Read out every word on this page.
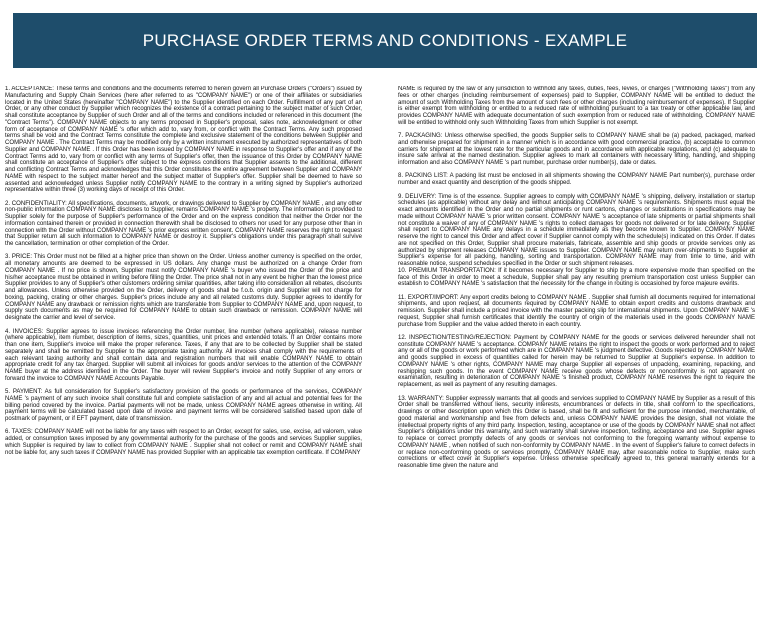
PURCHASE ORDER TERMS AND CONDITIONS - EXAMPLE

1. ACCEPTANCE: These terms and conditions and the documents referred to herein govern all Purchase Orders ("Orders") issued by Manufacturing and Supply Chain Services (here after referred to as "COMPANY NAME") or one of their affiliates or subsidiaries located in the United States (hereinafter "COMPANY NAME") to the Supplier identified on each Order. Fulfillment of any part of an Order, or any other conduct by Supplier which recognizes the existence of a contract pertaining to the subject matter of such Order, shall constitute acceptance by Supplier of such Order and all of the terms and conditions included or referenced in this document (the "Contract Terms"). COMPANY NAME objects to any terms proposed in Supplier's proposal, sales note, acknowledgment or other form of acceptance of COMPANY NAME 's offer which add to, vary from, or conflict with the Contract Terms. Any such proposed terms shall be void and the Contract Terms constitute the complete and exclusive statement of the conditions between Supplier and COMPANY NAME . The Contract Terms may be modified only by a written instrument executed by authorized representatives of both Supplier and COMPANY NAME . If this Order has been issued by COMPANY NAME in response to Supplier's offer and if any of the Contract Terms add to, vary from or conflict with any terms of Supplier's offer, then the issuance of this Order by COMPANY NAME shall constitute an acceptance of Supplier's offer subject to the express conditions that Supplier assents to the additional, different and conflicting Contract Terms and acknowledges that this Order constitutes the entire agreement between Supplier and COMPANY NAME with respect to the subject matter hereof and the subject matter of Supplier's offer. Supplier shall be deemed to have so assented and acknowledged unless Supplier notify COMPANY NAME to the contrary in a writing signed by Supplier's authorized representative within three (3) working days of receipt of this Order.

2. CONFIDENTIALITY: All specifications, documents, artwork, or drawings delivered to Supplier by COMPANY NAME , and any other non-public information COMPANY NAME discloses to Supplier, remains COMPANY NAME 's property. The information is provided to Supplier solely for the purpose of Supplier's performance of the Order and on the express condition that neither the Order nor the information contained therein or provided in connection therewith shall be disclosed to others nor used for any purpose other than in connection with the Order without COMPANY NAME 's prior express written consent. COMPANY NAME reserves the right to request that Supplier return all such information to COMPANY NAME or destroy it. Supplier's obligations under this paragraph shall survive the cancellation, termination or other completion of the Order.

3. PRICE: This Order must not be filled at a higher price than shown on the Order. Unless another currency is specified on the order, all monetary amounts are deemed to be expressed in US dollars. Any change must be authorized on a change Order from COMPANY NAME . If no price is shown, Supplier must notify COMPANY NAME 's buyer who issued the Order of the price and his/her acceptance must be obtained in writing before filling the Order. The price shall not in any event be higher than the lowest price Supplier provides to any of Supplier's other customers ordering similar quantities, after taking into consideration all rebates, discounts and allowances. Unless otherwise provided on the Order, delivery of goods shall be f.o.b. origin and Supplier will not charge for boxing, packing, crating or other charges. Supplier's prices include any and all related customs duty. Supplier agrees to identify for COMPANY NAME any drawback or remission rights which are transferable from Supplier to COMPANY NAME and, upon request, to supply such documents as may be required for COMPANY NAME to obtain such drawback or remission. COMPANY NAME will designate the carrier and level of service.

4. INVOICES: Supplier agrees to issue invoices referencing the Order number, line number (where applicable), release number (where applicable), item number, description of items, sizes, quantities, unit prices and extended totals. If an Order contains more than one item, Supplier's invoice will make the proper reference. Taxes, if any that are to be collected by Supplier shall be stated separately and shall be remitted by Supplier to the appropriate taxing authority. All invoices shall comply with the requirements of each relevant taxing authority and shall contain data and registration numbers that will enable COMPANY NAME to obtain appropriate credit for any tax charged. Supplier will submit all invoices for goods and/or services to the attention of the COMPANY NAME buyer at the address identified in the Order. The buyer will review Supplier's invoice and notify Supplier of any errors or forward the invoice to COMPANY NAME Accounts Payable.

5. PAYMENT: As full consideration for Supplier's satisfactory provision of the goods or performance of the services, COMPANY NAME 's payment of any such invoice shall constitute full and complete satisfaction of any and all actual and potential fees for the billing period covered by the invoice. Partial payments will not be made, unless COMPANY NAME agrees otherwise in writing. All payment terms will be calculated based upon date of invoice and payment terms will be considered satisfied based upon date of postmark of payment, or if EFT payment, date of transmission.

6. TAXES: COMPANY NAME will not be liable for any taxes with respect to an Order, except for sales, use, excise, ad valorem, value added, or consumption taxes imposed by any governmental authority for the purchase of the goods and services Supplier supplies, which Supplier is required by law to collect from COMPANY NAME . Supplier shall not collect or remit and COMPANY NAME shall not be liable for, any such taxes if COMPANY NAME has provided Supplier with an applicable tax exemption certificate. If COMPANY

NAME is required by the law of any jurisdiction to withhold any taxes, duties, fees, levies, or charges ("Withholding Taxes") from any fees or other charges (including reimbursement of expenses) paid to Supplier, COMPANY NAME will be entitled to deduct the amount of such Withholding Taxes from the amount of such fees or other charges (including reimbursement of expenses). If Supplier is either exempt from withholding or entitled to a reduced rate of withholding pursuant to a tax treaty or other applicable law, and provides COMPANY NAME with adequate documentation of such exemption from or reduced rate of withholding, COMPANY NAME will be entitled to withhold only such Withholding Taxes from which Supplier is not exempt.

7. PACKAGING: Unless otherwise specified, the goods Supplier sells to COMPANY NAME shall be (a) packed, packaged, marked and otherwise prepared for shipment in a manner which is in accordance with good commercial practice, (b) acceptable to common carriers for shipment at the lowest rate for the particular goods and in accordance with applicable regulations, and (c) adequate to insure safe arrival at the named destination. Supplier agrees to mark all containers with necessary lifting, handling, and shipping information and also COMPANY NAME 's part number, purchase order number(s), date or dates.

8. PACKING LIST: A packing list must be enclosed in all shipments showing the COMPANY NAME Part number(s), purchase order number and exact quantity and description of the goods shipped.

9. DELIVERY: Time is of the essence. Supplier agrees to comply with COMPANY NAME 's shipping, delivery, installation or startup schedules (as applicable) without any delay and without anticipating COMPANY NAME 's requirements. Shipments must equal the exact amounts identified in the Order and no partial shipments or runt cartons, changes or substitutions in specifications may be made without COMPANY NAME 's prior written consent. COMPANY NAME 's acceptance of late shipments or partial shipments shall not constitute a waiver of any of COMPANY NAME 's rights to collect damages for goods not delivered or for late delivery. Supplier shall report to COMPANY NAME any delays in a schedule immediately as they become known to Supplier. COMPANY NAME reserve the right to cancel this Order and affect cover if Supplier cannot comply with the schedule(s) indicated on this Order. If dates are not specified on this Order, Supplier shall procure materials, fabricate, assemble and ship goods or provide services only as authorized by shipment releases COMPANY NAME issues to Supplier. COMPANY NAME may return over-shipments to Supplier at Supplier's expense for all packing, handling, sorting and transportation. COMPANY NAME may from time to time, and with reasonable notice, suspend schedules specified in the Order or such shipment releases.

10. PREMIUM TRANSPORTATION: If it becomes necessary for Supplier to ship by a more expensive mode than specified on the face of this Order in order to meet a schedule, Supplier shall pay any resulting premium transportation cost unless Supplier can establish to COMPANY NAME 's satisfaction that the necessity for the change in routing is occasioned by force majeure events.

11. EXPORT/IMPORT: Any export credits belong to COMPANY NAME . Supplier shall furnish all documents required for international shipments, and upon request, all documents required by COMPANY NAME to obtain export credits and customs drawback and remission. Supplier shall include a priced invoice with the master packing slip for international shipments. Upon COMPANY NAME 's request, Supplier shall furnish certificates that identify the country of origin of the materials used in the goods COMPANY NAME purchase from Supplier and the value added thereto in each country.

12. INSPECTION/TESTING/REJECTION: Payment by COMPANY NAME for the goods or services delivered hereunder shall not constitute COMPANY NAME 's acceptance. COMPANY NAME retains the right to inspect the goods or work performed and to reject any or all of the goods or work performed which are in COMPANY NAME 's judgment defective. Goods rejected by COMPANY NAME and goods supplied in excess of quantities called for herein may be returned to Supplier at Supplier's expense. In addition to COMPANY NAME 's other rights, COMPANY NAME may charge Supplier all expenses of unpacking, examining, repacking, and reshipping such goods. In the event COMPANY NAME receive goods whose defects or nonconformity is not apparent on examination, resulting in deterioration of COMPANY NAME 's finished product, COMPANY NAME reserves the right to require the replacement, as well as payment of any resulting damages.

13. WARRANTY: Supplier expressly warrants that all goods and services supplied to COMPANY NAME by Supplier as a result of this Order shall be transferred without liens, security interests, encumbrances or defects in title, shall conform to the specifications, drawings or other description upon which this Order is based, shall be fit and sufficient for the purpose intended, merchantable, of good material and workmanship and free from defects and, unless COMPANY NAME provides the design, shall not violate the intellectual property rights of any third party. Inspection, testing, acceptance or use of the goods by COMPANY NAME shall not affect Supplier's obligations under this warranty, and such warranty shall survive inspection, testing, acceptance and use. Supplier agrees to replace or correct promptly defects of any goods or services not conforming to the foregoing warranty without expense to COMPANY NAME , when notified of such non-conformity by COMPANY NAME . In the event of Supplier's failure to correct defects in or replace non-conforming goods or services promptly, COMPANY NAME may, after reasonable notice to Supplier, make such corrections or effect cover at Supplier's expense. Unless otherwise specifically agreed to, this general warranty extends for a reasonable time given the nature and
